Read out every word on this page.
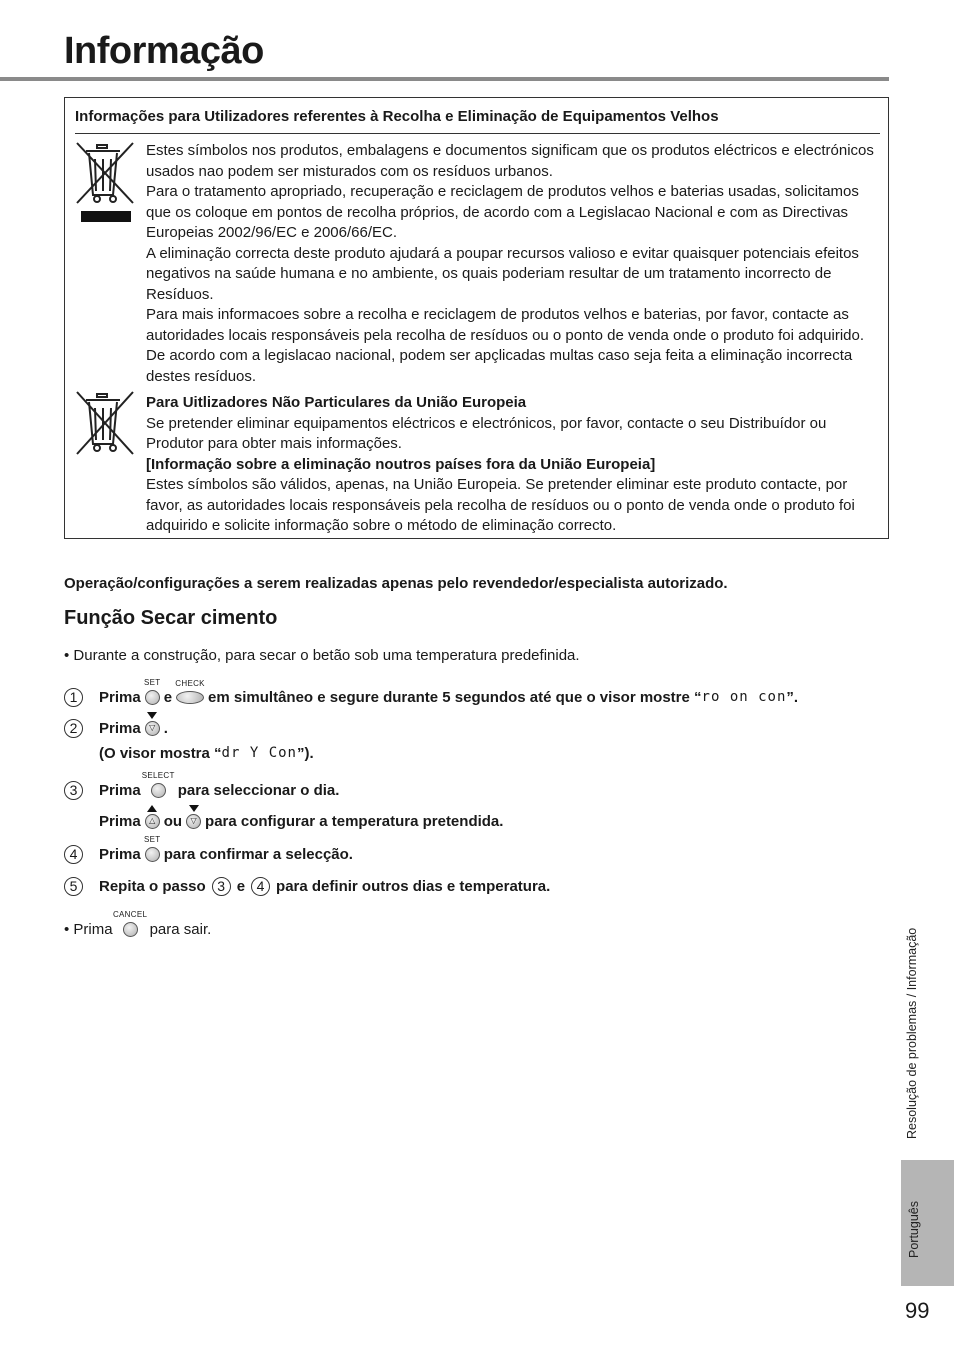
Informação

Informações para Utilizadores referentes à Recolha e Eliminação de Equipamentos Velhos

Estes símbolos nos produtos, embalagens e documentos significam que os produtos eléctricos e electrónicos usados nao podem ser misturados com os resíduos urbanos.
Para o tratamento apropriado, recuperação e reciclagem de produtos velhos e baterias usadas, solicitamos que os coloque em pontos de recolha próprios, de acordo com a Legislacao Nacional e com as Directivas Europeias 2002/96/EC e 2006/66/EC.
A eliminação correcta deste produto ajudará a poupar recursos valioso e evitar quaisquer potenciais efeitos negativos na saúde humana e no ambiente, os quais poderiam resultar de um tratamento incorrecto de Resíduos.
Para mais informacoes sobre a recolha e reciclagem de produtos velhos e baterias, por favor, contacte as autoridades locais responsáveis pela recolha de resíduos ou o ponto de venda onde o produto foi adquirido.
De acordo com a legislacao nacional, podem ser apçlicadas multas caso seja feita a eliminação incorrecta destes resíduos.

Para Uitlizadores Não Particulares da União Europeia
Se pretender eliminar equipamentos eléctricos e electrónicos, por favor, contacte o seu Distribuídor ou Produtor para obter mais informações.
[Informação sobre a eliminação noutros países fora da União Europeia]
Estes símbolos são válidos, apenas, na União Europeia. Se pretender eliminar este produto contacte, por favor, as autoridades locais responsáveis pela recolha de resíduos ou o ponto de venda onde o produto foi adquirido e solicite informação sobre o método de eliminação correcto.

Operação/configurações a serem realizadas apenas pelo revendedor/especialista autorizado.

Função Secar cimento

• Durante a construção, para secar o betão sob uma temperatura predefinida.

1	Prima
SET
e
CHECK
em simultâneo e segure durante 5 segundos até que o visor mostre “ ro on con ”.
2	Prima ▽ .
(O visor mostra “ dr Y Con ”).
3	Prima
SELECT
para seleccionar o dia.
Prima △ ou ▽ para configurar a temperatura pretendida.
4	Prima
SET
para confirmar a selecção.
5	Repita o passo 3 e 4 para definir outros dias e temperatura.
• Prima
CANCEL
para sair.	Resolução de problemas / Informação
Português
99
